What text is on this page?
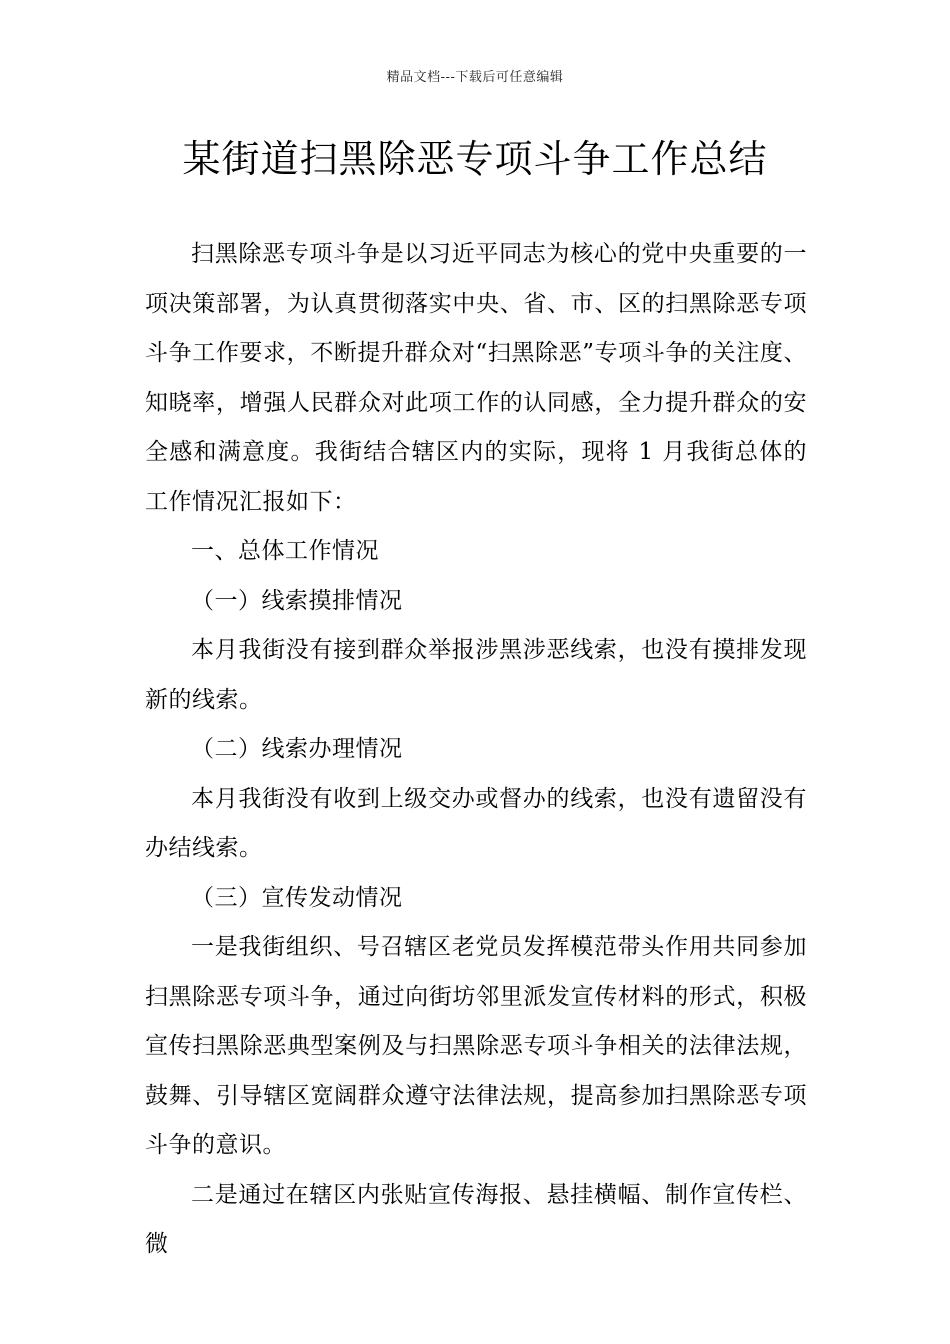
精品文档---下载后可任意编辑
某街道扫黑除恶专项斗争工作总结

扫黑除恶专项斗争是以习近平同志为核心的党中央重要的一项决策部署，为认真贯彻落实中央、省、市、区的扫黑除恶专项斗争工作要求，不断提升群众对“扫黑除恶”专项斗争的关注度、知晓率，增强人民群众对此项工作的认同感，全力提升群众的安全感和满意度。我街结合辖区内的实际，现将 1 月我街总体的工作情况汇报如下：

一、总体工作情况

（一）线索摸排情况

本月我街没有接到群众举报涉黑涉恶线索，也没有摸排发现新的线索。

（二）线索办理情况

本月我街没有收到上级交办或督办的线索，也没有遗留没有办结线索。

（三）宣传发动情况

一是我街组织、号召辖区老党员发挥模范带头作用共同参加扫黑除恶专项斗争，通过向街坊邻里派发宣传材料的形式，积极宣传扫黑除恶典型案例及与扫黑除恶专项斗争相关的法律法规，鼓舞、引导辖区宽阔群众遵守法律法规，提高参加扫黑除恶专项斗争的意识。

二是通过在辖区内张贴宣传海报、悬挂横幅、制作宣传栏、微
